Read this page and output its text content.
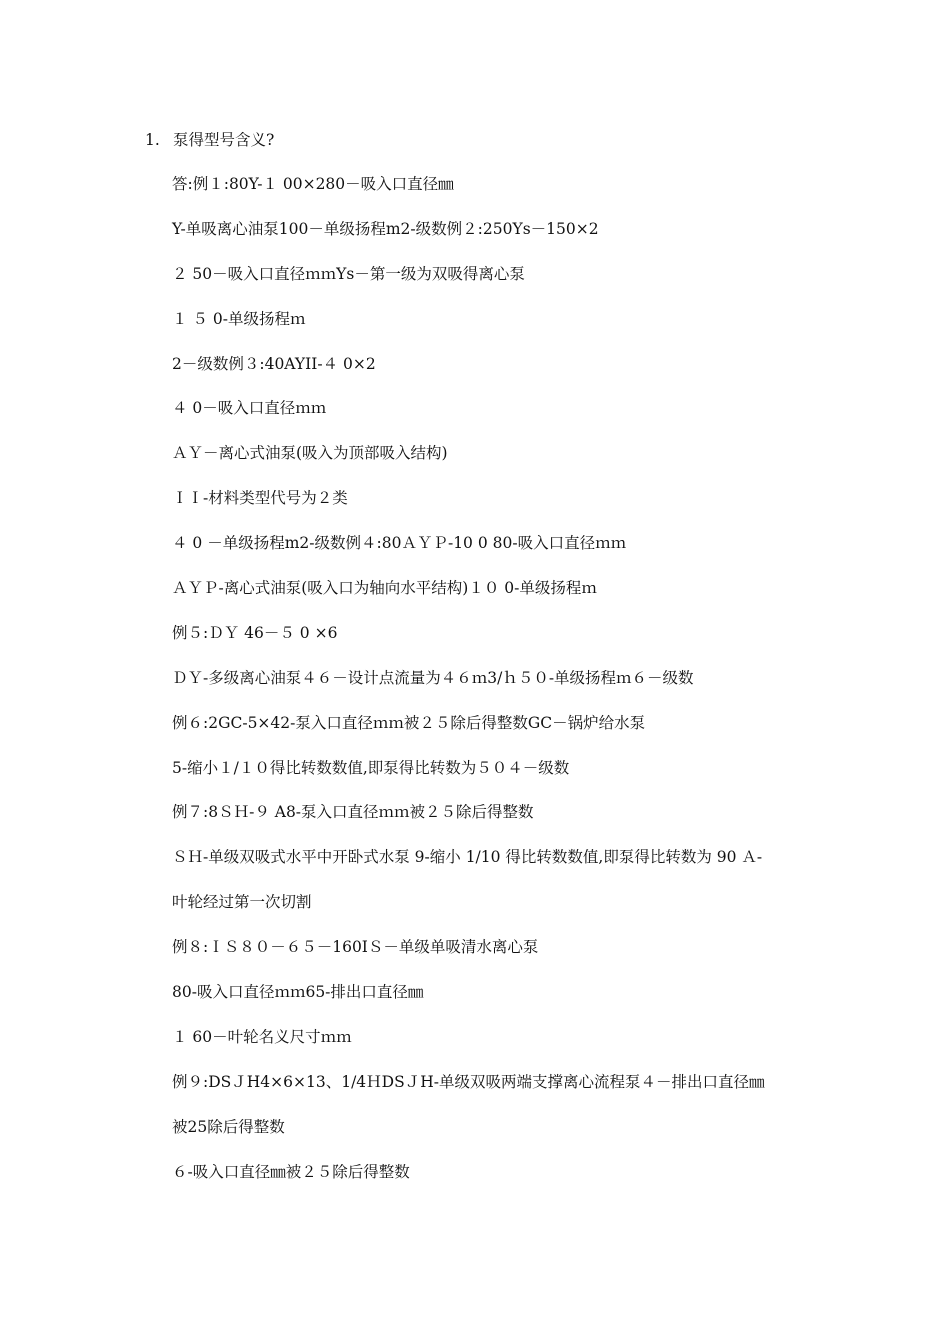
1. 泵得型号含义?
答:例１:80Y-１ 00×280－吸入口直径㎜
Y-单吸离心油泵100－单级扬程m2-级数例２:250Ys－150×2
２ 50－吸入口直径ｍｍYs－第一级为双吸得离心泵
１ ５ 0-单级扬程ｍ
2－级数例３:40AYII-４ 0×2
４ 0－吸入口直径ｍｍ
ＡＹ－离心式油泵(吸入为顶部吸入结构)
ＩＩ-材料类型代号为２类
４ 0 －单级扬程m2-级数例４:80ＡＹＰ-10 0 80-吸入口直径ｍｍ
ＡＹＰ-离心式油泵(吸入口为轴向水平结构)１０ 0-单级扬程ｍ
例５:ＤＹ 46－５ 0 ×6
ＤＹ-多级离心油泵４６－设计点流量为４６ｍ3/ｈ５０-单级扬程ｍ６－级数
例６:2GC-5×42-泵入口直径ｍｍ被２５除后得整数GC－锅炉给水泵
5-缩小１/１０得比转数数值,即泵得比转数为５０４－级数
例７:8ＳＨ-９ A8-泵入口直径ｍｍ被２５除后得整数
ＳＨ-单级双吸式水平中开卧式水泵 9-缩小 1/10 得比转数数值,即泵得比转数为 90 Ａ-
叶轮经过第一次切割
例８:ＩＳ８０－６５－160IＳ－单级单吸清水离心泵
80-吸入口直径ｍｍ65-排出口直径㎜
１ 60－叶轮名义尺寸ｍｍ
例９:DSＪH4×6×13、1/4ＨDSＪH-单级双吸两端支撑离心流程泵４－排出口直径㎜
被25除后得整数
６-吸入口直径㎜被２５除后得整数
